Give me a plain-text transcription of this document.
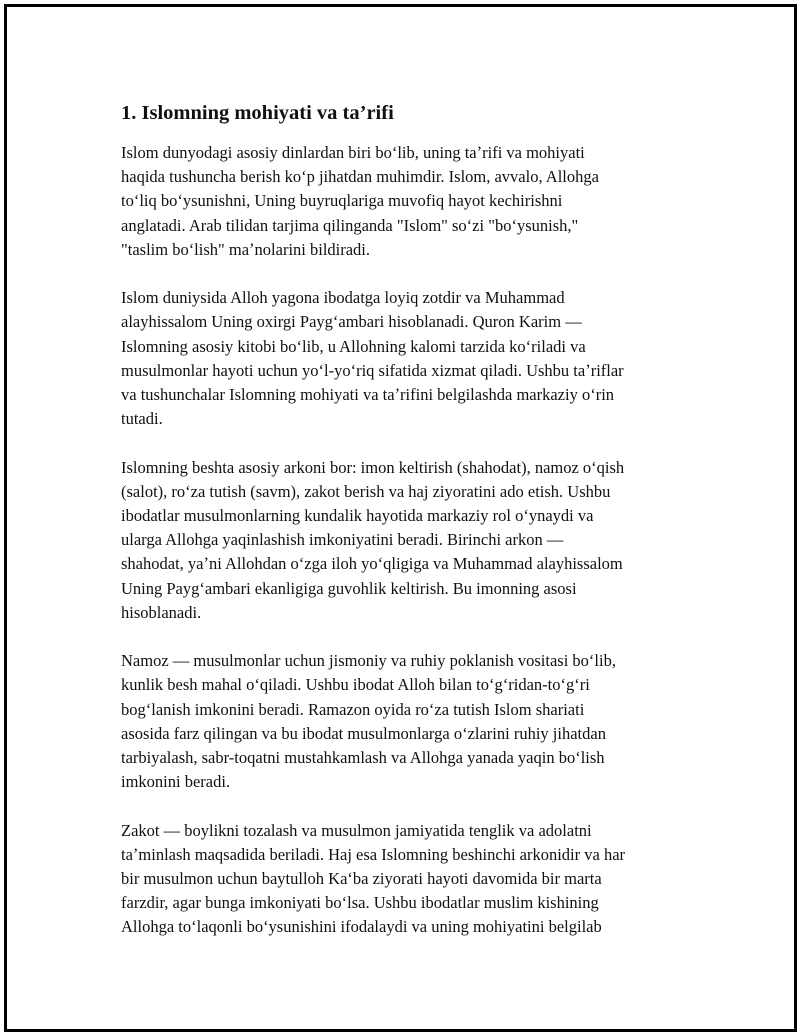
1. Islomning mohiyati va ta’rifi
Islom dunyodagi asosiy dinlardan biri boʻlib, uning taʼrifi va mohiyati
haqida tushuncha berish koʻp jihatdan muhimdir. Islom, avvalo, Allohga
toʻliq boʻysunishni, Uning buyruqlariga muvofiq hayot kechirishni
anglatadi. Arab tilidan tarjima qilinganda "Islom" soʻzi "boʻysunish,"
"taslim boʻlish" maʼnolarini bildiradi.
Islom duniysida Alloh yagona ibodatga loyiq zotdir va Muhammad
alayhissalom Uning oxirgi Paygʻambari hisoblanadi. Quron Karim —
Islomning asosiy kitobi boʻlib, u Allohning kalomi tarzida koʻriladi va
musulmonlar hayoti uchun yoʻl-yoʻriq sifatida xizmat qiladi. Ushbu taʼriflar
va tushunchalar Islomning mohiyati va taʼrifini belgilashda markaziy oʻrin
tutadi.
Islomning beshta asosiy arkoni bor: imon keltirish (shahodat), namoz oʻqish
(salot), roʻza tutish (savm), zakot berish va haj ziyoratini ado etish. Ushbu
ibodatlar musulmonlarning kundalik hayotida markaziy rol oʻynaydi va
ularga Allohga yaqinlashish imkoniyatini beradi. Birinchi arkon —
shahodat, yaʼni Allohdan oʻzga iloh yoʻqligiga va Muhammad alayhissalom
Uning Paygʻambari ekanligiga guvohlik keltirish. Bu imonning asosi
hisoblanadi.
Namoz — musulmonlar uchun jismoniy va ruhiy poklanish vositasi boʻlib,
kunlik besh mahal oʻqiladi. Ushbu ibodat Alloh bilan toʻgʻridan-toʻgʻri
bogʻlanish imkonini beradi. Ramazon oyida roʻza tutish Islom shariati
asosida farz qilingan va bu ibodat musulmonlarga oʻzlarini ruhiy jihatdan
tarbiyalash, sabr-toqatni mustahkamlash va Allohga yanada yaqin boʻlish
imkonini beradi.
Zakot — boylikni tozalash va musulmon jamiyatida tenglik va adolatni
taʼminlash maqsadida beriladi. Haj esa Islomning beshinchi arkonidir va har
bir musulmon uchun baytulloh Kaʻba ziyorati hayoti davomida bir marta
farzdir, agar bunga imkoniyati boʻlsa. Ushbu ibodatlar muslim kishining
Allohga toʻlaqonli boʻysunishini ifodalaydi va uning mohiyatini belgilab
